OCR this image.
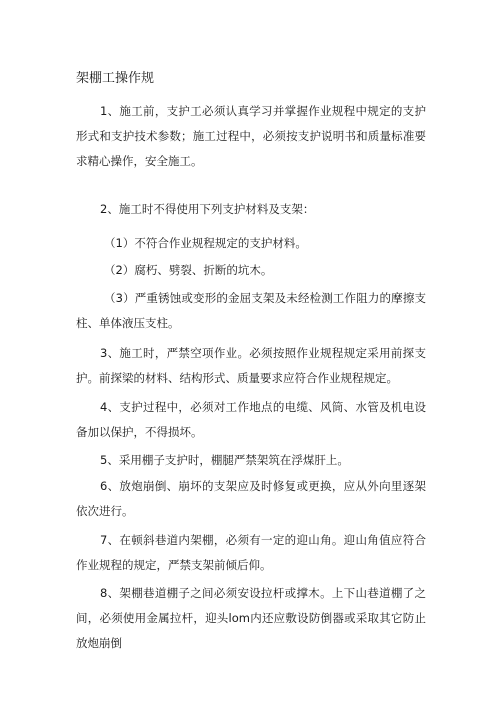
架棚工操作规

1、施工前，支护工必须认真学习并掌握作业规程中规定的支护形式和支护技术参数；施工过程中，必须按支护说明书和质量标准要求精心操作，安全施工。

2、施工时不得使用下列支护材料及支架：

（1）不符合作业规程规定的支护材料。

（2）腐朽、劈裂、折断的坑木。

（3）严重锈蚀或变形的金屈支架及未经检测工作阻力的摩擦支柱、单体液压支柱。

3、施工时，严禁空项作业。必须按照作业规程规定采用前探支护。前探梁的材料、结构形式、质量要求应符合作业规程规定。

4、支护过程中，必须对工作地点的电缆、风筒、水管及机电设备加以保护，不得损坏。

5、采用棚子支护时，棚腿严禁架筑在浮煤肝上。

6、放炮崩倒、崩坏的支架应及时修复或更换，应从外向里逐架依次进行。

7、在顿斜巷道内架棚，必须有一定的迎山角。迎山角值应符合作业规程的规定，严禁支架前倾后仰。

8、架棚巷道棚子之间必须安设拉杆或撑木。上下山巷道棚了之间，必须使用金属拉杆，迎头lom内还应敷设防倒器或采取其它防止放炮崩倒
